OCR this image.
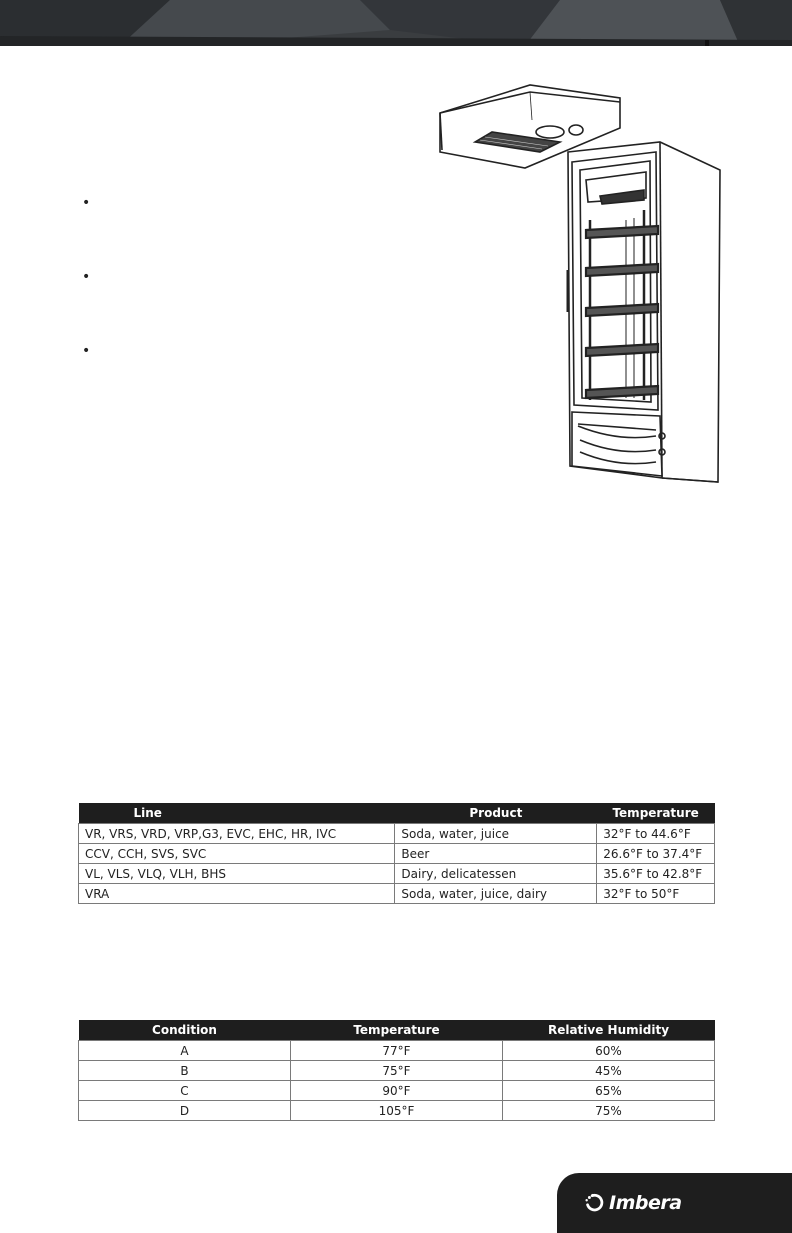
•
•
•
Line	Product	Temperature
VR, VRS, VRD, VRP,G3, EVC, EHC, HR, IVC	Soda, water, juice	32°F to 44.6°F
CCV, CCH, SVS, SVC	Beer	26.6°F to 37.4°F
VL, VLS, VLQ, VLH, BHS	Dairy, delicatessen	35.6°F to 42.8°F
VRA	Soda, water, juice, dairy	32°F to 50°F
Condition	Temperature	Relative Humidity
A	77°F	60%
B	75°F	45%
C	90°F	65%
D	105°F	75%
Imbera
